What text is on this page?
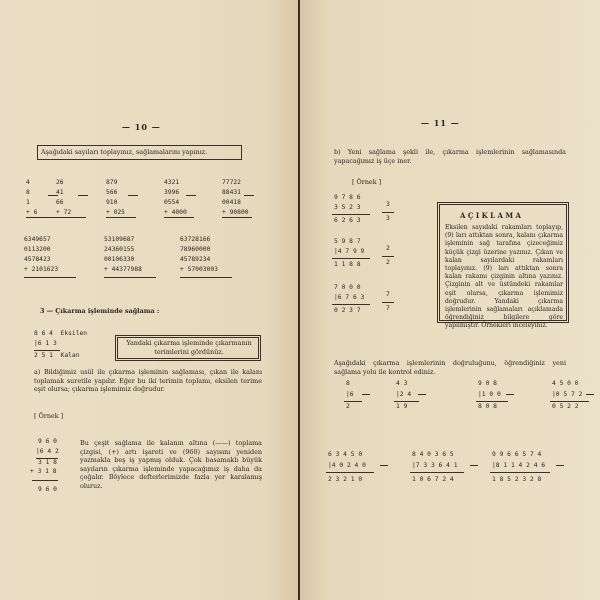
— 10 —
Aşağıdaki sayıları toplayınız, sağlamalarını yapınız.
4
8
1
+ 6
26
41
66
+ 72
879
566
910
+ 025
4321
3996
0554
+ 4000
77722
88431
00418
+ 90800
6349657
0113200
4578423
+ 2101623
53109687
24360155
00106330
+ 44377988
63728166
78960000
45789234
+ 57003003
3 — Çıkarma işleminde sağlama :
8 6 4  Eksilen
|6 1 3
2 5 1  Kalan
Yandaki çıkarma işleminde çıkarmanın terimlerini gördünüz.
a) Bildiğimiz usûl ile çıkarma işleminin sağlaması, çıkan ile kalanı toplamak suretile yapılır. Eğer bu iki terimin toplamı, eksilen terime eşit olursa; çıkarma işlemimiz doğrudur.
[ Örnek ]
9 6 0
|6 4 2
3 1 8
+ 3 1 8
9 6 0
Bu çeşit sağlama ile kalanın altına (——) toplama çizgisi, (+) artı işareti ve (960) sayısını yeniden yazmakla beş iş yapmış olduk. Çok basamaklı büyük sayıların çıkarma işleminde yapacağımız iş daha da çoğalır. Böylece defterlerimizde fazla yer karalamış oluruz.
— 11 —
b) Yeni sağlama şekli ile, çıkarma işlemlerinin sağlamasında yapacağımız iş üçe iner.
[ Örnek ]
9 7 8 6
3 5 2 3
6 2 6 3
3
3
5 9 8 7
|4 7 9 9
1 1 8 8
2
2
7 0 0 0
|6 7 6 3
0 2 3 7
7
7
A Ç I K L A M A
Eksilen sayıdaki rakamları toplayıp, (9) ları attıktan sonra, kalanı çıkarma işleminin sağ tarafına çizeceğimiz küçük çizgi üzerine yazınız. Çıkan ve kalan sayılardaki rakamları toplayınız. (9) ları attıktan sonra kalan rakamı çizginin altına yazınız. Çizginin alt ve üstündeki rakamlar eşit olursa, çıkarma işlemimiz doğrudur. Yandaki çıkarma işlemlerinin sağlamaları açıklamada öğrendiğiniz bilgilere göre yapılmıştır. Örnekleri inceleyiniz.
Aşağıdaki çıkarma işlemlerinin doğruluğunu, öğrendiğiniz yeni sağlama yolu ile kontrol ediniz.
8
|6
2
4 3
|2 4
1 9
9 0 8
|1 0 0
8 0 8
4 5 0 0
|0 5 7 2
0 5 2 2
6 3 4 5 0
|4 0 2 4 0
2 3 2 1 0
8 4 0 3 6 5
|7 3 3 6 4 1
1 0 6 7 2 4
9 9 6 6 5 7 4
|8 1 1 4 2 4 6
1 8 5 2 3 2 8
